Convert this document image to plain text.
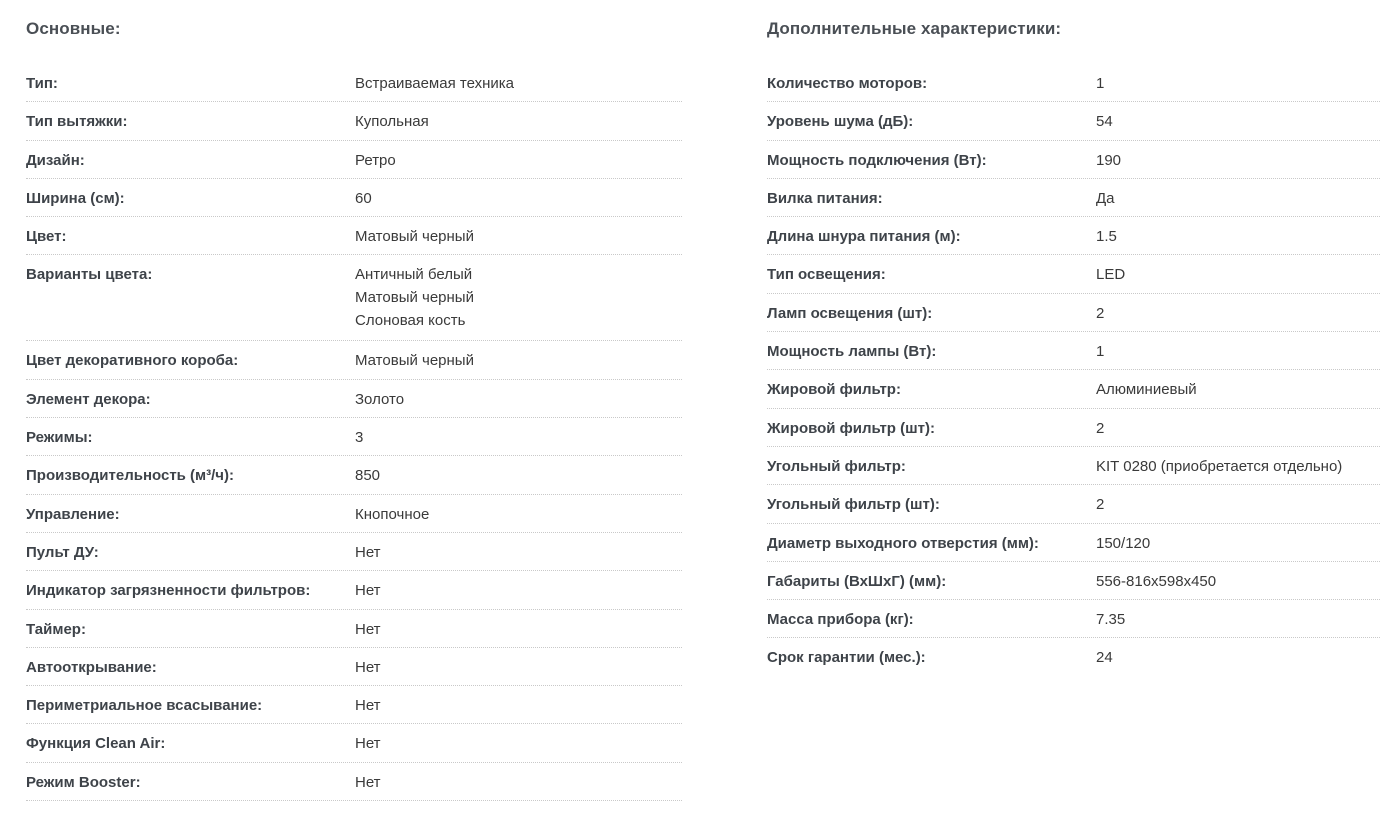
Основные:
Тип:	Встраиваемая техника
Тип вытяжки:	Купольная
Дизайн:	Ретро
Ширина (см):	60
Цвет:	Матовый черный
Варианты цвета:	Античный белый
Матовый черный
Слоновая кость
Цвет декоративного короба:	Матовый черный
Элемент декора:	Золото
Режимы:	3
Производительность (м³/ч):	850
Управление:	Кнопочное
Пульт ДУ:	Нет
Индикатор загрязненности фильтров:	Нет
Таймер:	Нет
Автооткрывание:	Нет
Периметриальное всасывание:	Нет
Функция Clean Air:	Нет
Режим Booster:	Нет
Дополнительные характеристики:
Количество моторов:	1
Уровень шума (дБ):	54
Мощность подключения (Вт):	190
Вилка питания:	Да
Длина шнура питания (м):	1.5
Тип освещения:	LED
Ламп освещения (шт):	2
Мощность лампы (Вт):	1
Жировой фильтр:	Алюминиевый
Жировой фильтр (шт):	2
Угольный фильтр:	KIT 0280 (приобретается отдельно)
Угольный фильтр (шт):	2
Диаметр выходного отверстия (мм):	150/120
Габариты (ВхШхГ) (мм):	556-816x598x450
Масса прибора (кг):	7.35
Срок гарантии (мес.):	24
